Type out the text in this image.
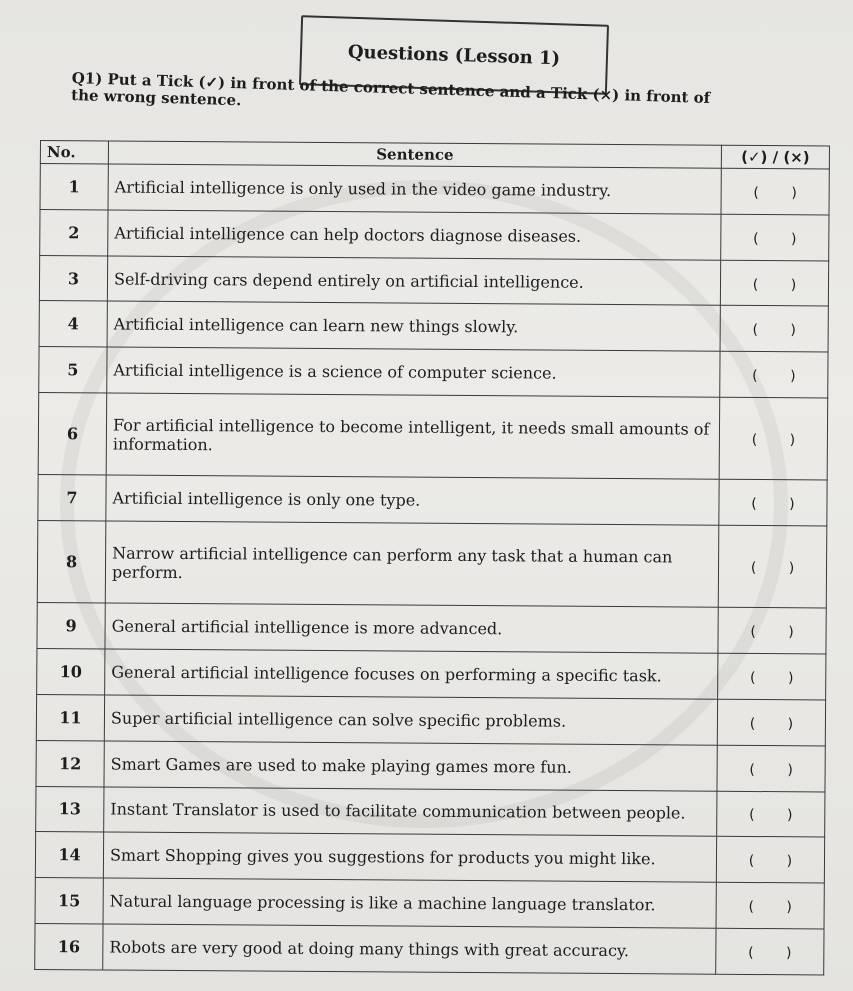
Questions (Lesson 1)
Q1) Put a Tick (✓) in front of the correct sentence and a Tick (×) in front of the wrong sentence.
No.	Sentence	(✓) / (×)
1	Artificial intelligence is only used in the video game industry.	( )
2	Artificial intelligence can help doctors diagnose diseases.	( )
3	Self-driving cars depend entirely on artificial intelligence.	( )
4	Artificial intelligence can learn new things slowly.	( )
5	Artificial intelligence is a science of computer science.	( )
6	For artificial intelligence to become intelligent, it needs small amounts of information.	( )
7	Artificial intelligence is only one type.	( )
8	Narrow artificial intelligence can perform any task that a human can perform.	( )
9	General artificial intelligence is more advanced.	( )
10	General artificial intelligence focuses on performing a specific task.	( )
11	Super artificial intelligence can solve specific problems.	( )
12	Smart Games are used to make playing games more fun.	( )
13	Instant Translator is used to facilitate communication between people.	( )
14	Smart Shopping gives you suggestions for products you might like.	( )
15	Natural language processing is like a machine language translator.	( )
16	Robots are very good at doing many things with great accuracy.	( )
